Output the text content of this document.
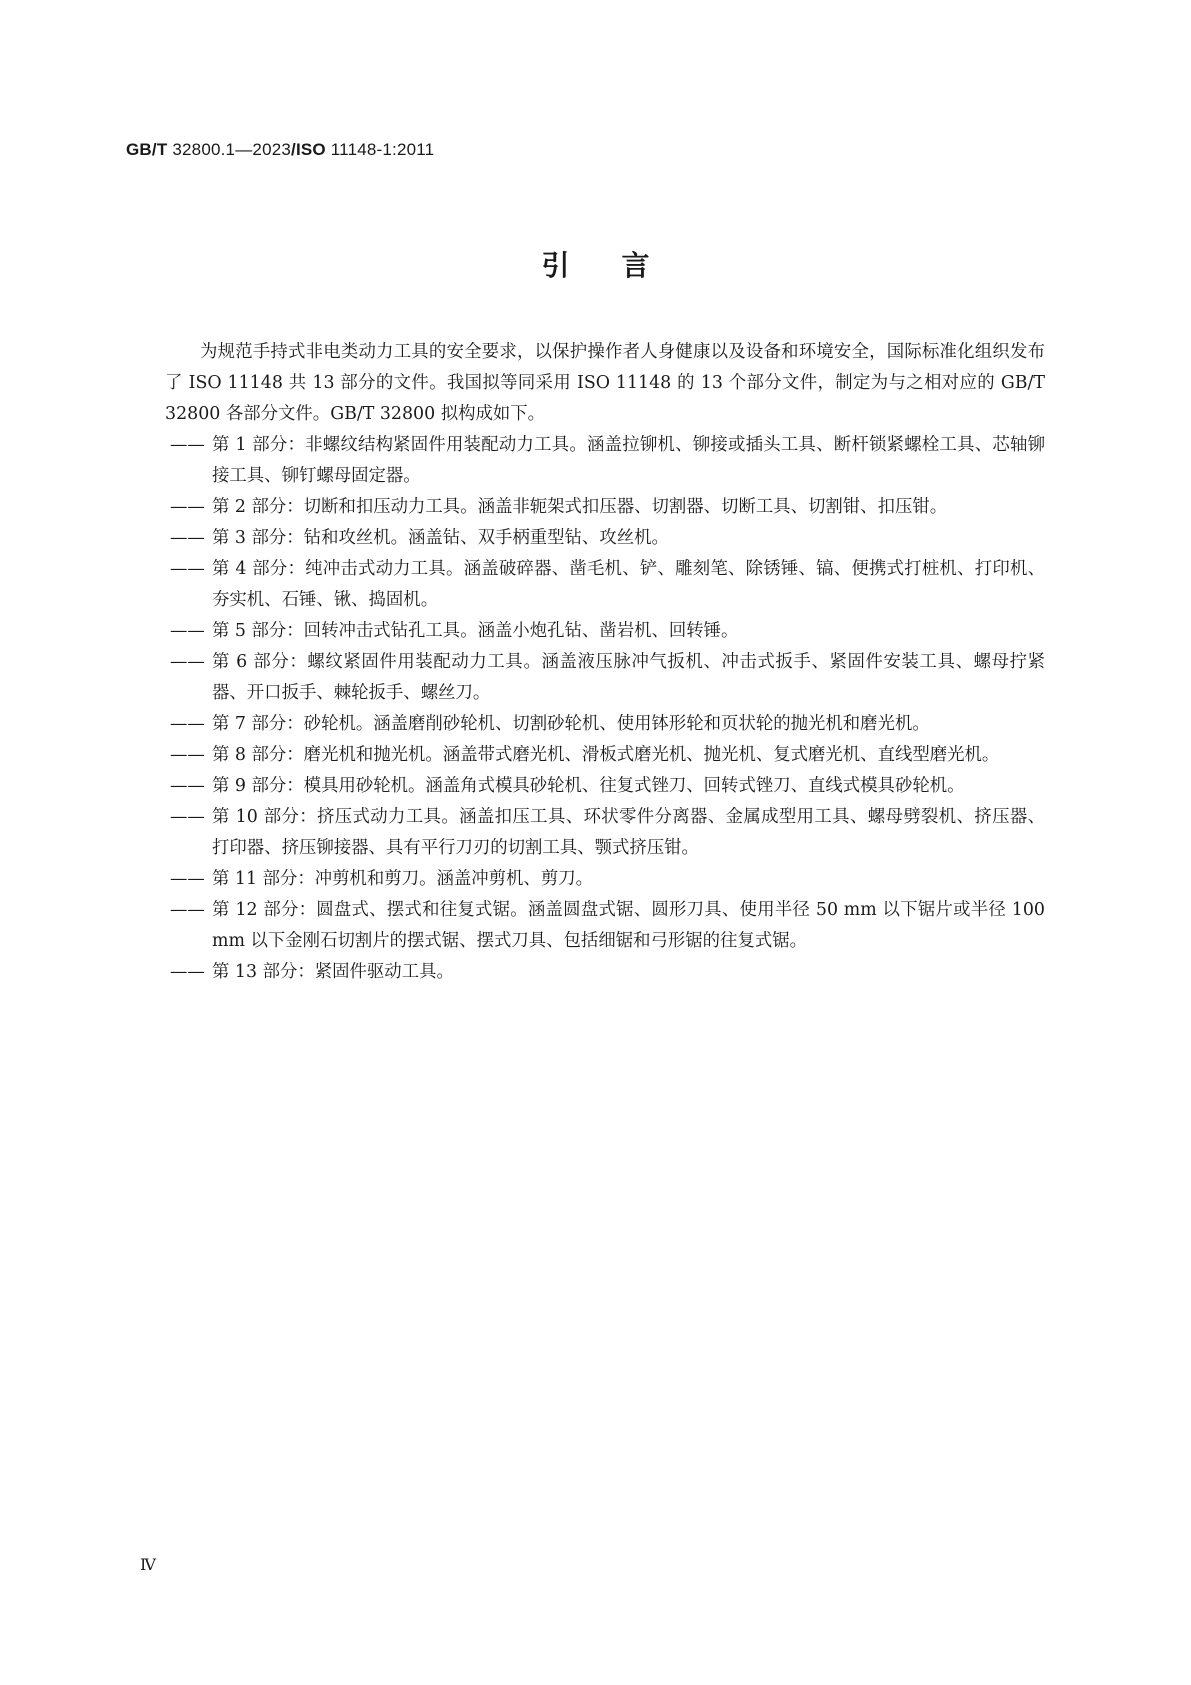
GB/T 32800.1—2023/ISO 11148-1:2011
引言

为规范手持式非电类动力工具的安全要求，以保护操作者人身健康以及设备和环境安全，国际标准化组织发布了 ISO 11148 共 13 部分的文件。我国拟等同采用 ISO 11148 的 13 个部分文件，制定为与之相对应的 GB/T 32800 各部分文件。GB/T 32800 拟构成如下。

—— 第 1 部分：非螺纹结构紧固件用装配动力工具。涵盖拉铆机、铆接或插头工具、断杆锁紧螺栓工具、芯轴铆接工具、铆钉螺母固定器。
—— 第 2 部分：切断和扣压动力工具。涵盖非轭架式扣压器、切割器、切断工具、切割钳、扣压钳。
—— 第 3 部分：钻和攻丝机。涵盖钻、双手柄重型钻、攻丝机。
—— 第 4 部分：纯冲击式动力工具。涵盖破碎器、凿毛机、铲、雕刻笔、除锈锤、镐、便携式打桩机、打印机、夯实机、石锤、锹、捣固机。
—— 第 5 部分：回转冲击式钻孔工具。涵盖小炮孔钻、凿岩机、回转锤。
—— 第 6 部分：螺纹紧固件用装配动力工具。涵盖液压脉冲气扳机、冲击式扳手、紧固件安装工具、螺母拧紧器、开口扳手、棘轮扳手、螺丝刀。
—— 第 7 部分：砂轮机。涵盖磨削砂轮机、切割砂轮机、使用钵形轮和页状轮的抛光机和磨光机。
—— 第 8 部分：磨光机和抛光机。涵盖带式磨光机、滑板式磨光机、抛光机、复式磨光机、直线型磨光机。
—— 第 9 部分：模具用砂轮机。涵盖角式模具砂轮机、往复式锉刀、回转式锉刀、直线式模具砂轮机。
—— 第 10 部分：挤压式动力工具。涵盖扣压工具、环状零件分离器、金属成型用工具、螺母劈裂机、挤压器、打印器、挤压铆接器、具有平行刀刃的切割工具、颚式挤压钳。
—— 第 11 部分：冲剪机和剪刀。涵盖冲剪机、剪刀。
—— 第 12 部分：圆盘式、摆式和往复式锯。涵盖圆盘式锯、圆形刀具、使用半径 50 mm 以下锯片或半径 100 mm 以下金刚石切割片的摆式锯、摆式刀具、包括细锯和弓形锯的往复式锯。
—— 第 13 部分：紧固件驱动工具。
Ⅳ
